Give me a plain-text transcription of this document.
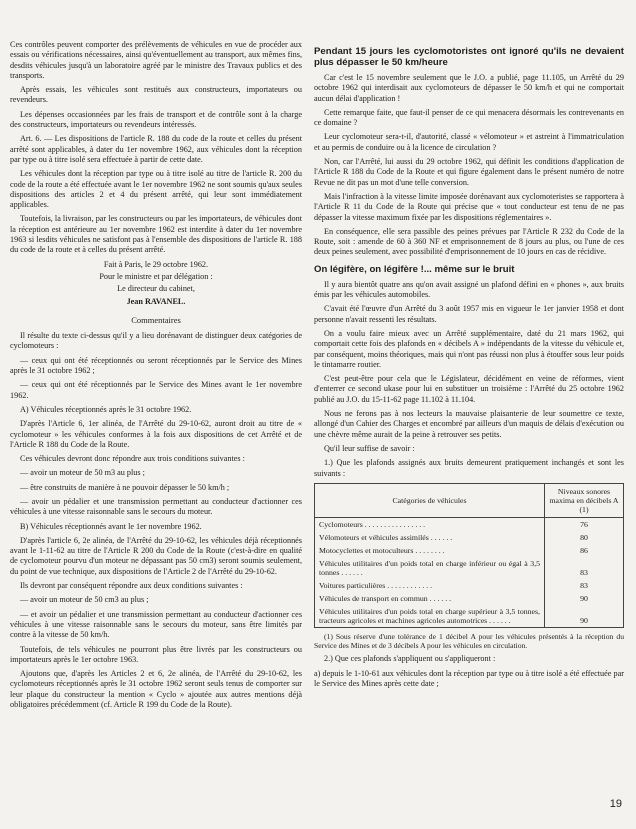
Ces contrôles peuvent comporter des prélèvements de véhicules en vue de procéder aux essais ou vérifications nécessaires, ainsi qu'éventuellement au transport, aux mêmes fins, desdits véhicules jusqu'à un laboratoire agréé par le ministre des Travaux publics et des transports.

Après essais, les véhicules sont restitués aux constructeurs, importateurs ou revendeurs.

Les dépenses occasionnées par les frais de transport et de contrôle sont à la charge des constructeurs, importateurs ou revendeurs intéressés.

Art. 6. — Les dispositions de l'article R. 188 du code de la route et celles du présent arrêté sont applicables, à dater du 1er novembre 1962, aux véhicules dont la réception par type ou à titre isolé sera effectuée à partir de cette date.

Les véhicules dont la réception par type ou à titre isolé au titre de l'article R. 200 du code de la route a été effectuée avant le 1er novembre 1962 ne sont soumis qu'aux seules dispositions des articles 2 et 4 du présent arrêté, qui leur sont immédiatement applicables.

Toutefois, la livraison, par les constructeurs ou par les importateurs, de véhicules dont la réception est antérieure au 1er novembre 1962 est interdite à dater du 1er novembre 1963 si lesdits véhicules ne satisfont pas à l'ensemble des dispositions de l'article R. 188 du code de la route et à celles du présent arrêté.

Fait à Paris, le 29 octobre 1962.

Pour le ministre et par délégation :

Le directeur du cabinet,

Jean RAVANEL.

Commentaires

Il résulte du texte ci-dessus qu'il y a lieu dorénavant de distinguer deux catégories de cyclomoteurs :

— ceux qui ont été réceptionnés ou seront réceptionnés par le Service des Mines après le 31 octobre 1962 ;

— ceux qui ont été réceptionnés par le Service des Mines avant le 1er novembre 1962.

A) Véhicules réceptionnés après le 31 octobre 1962.

D'après l'Article 6, 1er alinéa, de l'Arrêté du 29-10-62, auront droit au titre de « cyclomoteur » les véhicules conformes à la fois aux dispositions de cet Arrêté et de l'Article R 188 du Code de la Route.

Ces véhicules devront donc répondre aux trois conditions suivantes :

— avoir un moteur de 50 m3 au plus ;

— être construits de manière à ne pouvoir dépasser le 50 km/h ;

— avoir un pédalier et une transmission permettant au conducteur d'actionner ces véhicules à une vitesse raisonnable sans le secours du moteur.

B) Véhicules réceptionnés avant le 1er novembre 1962.

D'après l'article 6, 2e alinéa, de l'Arrêté du 29-10-62, les véhicules déjà réceptionnés avant le 1-11-62 au titre de l'Article R 200 du Code de la Route (c'est-à-dire en qualité de cyclomoteur pourvu d'un moteur ne dépassant pas 50 cm3) seront soumis seulement, du point de vue technique, aux dispositions de l'Article 2 de l'Arrêté du 29-10-62.

Ils devront par conséquent répondre aux deux conditions suivantes :

— avoir un moteur de 50 cm3 au plus ;

— et avoir un pédalier et une transmission permettant au conducteur d'actionner ces véhicules à une vitesse raisonnable sans le secours du moteur, sans être limités par contre à la vitesse de 50 km/h.

Toutefois, de tels véhicules ne pourront plus être livrés par les constructeurs ou importateurs après le 1er octobre 1963.

Ajoutons que, d'après les Articles 2 et 6, 2e alinéa, de l'Arrêté du 29-10-62, les cyclomoteurs réceptionnés après le 31 octobre 1962 seront seuls tenus de comporter sur leur plaque du constructeur la mention « Cyclo » ajoutée aux autres mentions déjà obligatoires précédemment (cf. Article R 199 du Code de la Route).

Pendant 15 jours les cyclomotoristes ont ignoré qu'ils ne devaient plus dépasser le 50 km/heure

Car c'est le 15 novembre seulement que le J.O. a publié, page 11.105, un Arrêté du 29 octobre 1962 qui interdisait aux cyclomoteurs de dépasser le 50 km/h et qui ne comportait aucun délai d'application !

Cette remarque faite, que faut-il penser de ce qui menacera désormais les contrevenants en ce domaine ?

Leur cyclomoteur sera-t-il, d'autorité, classé « vélomoteur » et astreint à l'immatriculation et au permis de conduire ou à la licence de circulation ?

Non, car l'Arrêté, lui aussi du 29 octobre 1962, qui définit les conditions d'application de l'Article R 188 du Code de la Route et qui figure également dans le présent numéro de notre Revue ne dit pas un mot d'une telle conversion.

Mais l'infraction à la vitesse limite imposée dorénavant aux cyclomoteristes se rapportera à l'Article R 11 du Code de la Route qui précise que « tout conducteur est tenu de ne pas dépasser la vitesse maximum fixée par les dispositions réglementaires ».

En conséquence, elle sera passible des peines prévues par l'Article R 232 du Code de la Route, soit : amende de 60 à 360 NF et emprisonnement de 8 jours au plus, ou l'une de ces deux peines seulement, avec possibilité d'emprisonnement de 10 jours en cas de récidive.

On légifère, on légifère !... même sur le bruit

Il y aura bientôt quatre ans qu'on avait assigné un plafond défini en « phones », aux bruits émis par les véhicules automobiles.

C'avait été l'œuvre d'un Arrêté du 3 août 1957 mis en vigueur le 1er janvier 1958 et dont personne n'avait ressenti les résultats.

On a voulu faire mieux avec un Arrêté supplémentaire, daté du 21 mars 1962, qui comportait cette fois des plafonds en « décibels A » indépendants de la vitesse du véhicule et, par conséquent, moins théoriques, mais qui n'ont pas réussi non plus à étouffer sous leur poids le tintamarre routier.

C'est peut-être pour cela que le Législateur, décidément en veine de réformes, vient d'enterrer ce second ukase pour lui en substituer un troisième : l'Arrêté du 25 octobre 1962 publié au J.O. du 15-11-62 page 11.102 à 11.104.

Nous ne ferons pas à nos lecteurs la mauvaise plaisanterie de leur soumettre ce texte, allongé d'un Cahier des Charges et encombré par ailleurs d'un maquis de délais d'exécution ou une chèvre même aurait de la peine à retrouver ses petits.

Qu'il leur suffise de savoir :

1.) Que les plafonds assignés aux bruits demeurent pratiquement inchangés et sont les suivants :

Catégories de véhicules	Niveaux sonores maxima en décibels A (1)
Cyclomoteurs . . . . . . . . . . . . . . . .	76
Vélomoteurs et véhicules assimilés . . . . . .	80
Motocyclettes et motoculteurs . . . . . . . .	86
Véhicules utilitaires d'un poids total en charge inférieur ou égal à 3,5 tonnes . . . . . .	83
Voitures particulières . . . . . . . . . . . .	83
Véhicules de transport en commun . . . . . .	90
Véhicules utilitaires d'un poids total en charge supérieur à 3,5 tonnes, tracteurs agricoles et machines agricoles automotrices . . . . . .	90

(1) Sous réserve d'une tolérance de 1 décibel A pour les véhicules présentés à la réception du Service des Mines et de 3 décibels A pour les véhicules en circulation.

2.) Que ces plafonds s'appliquent ou s'appliqueront :

a) depuis le 1-10-61 aux véhicules dont la réception par type ou à titre isolé a été effectuée par le Service des Mines après cette date ;

19
